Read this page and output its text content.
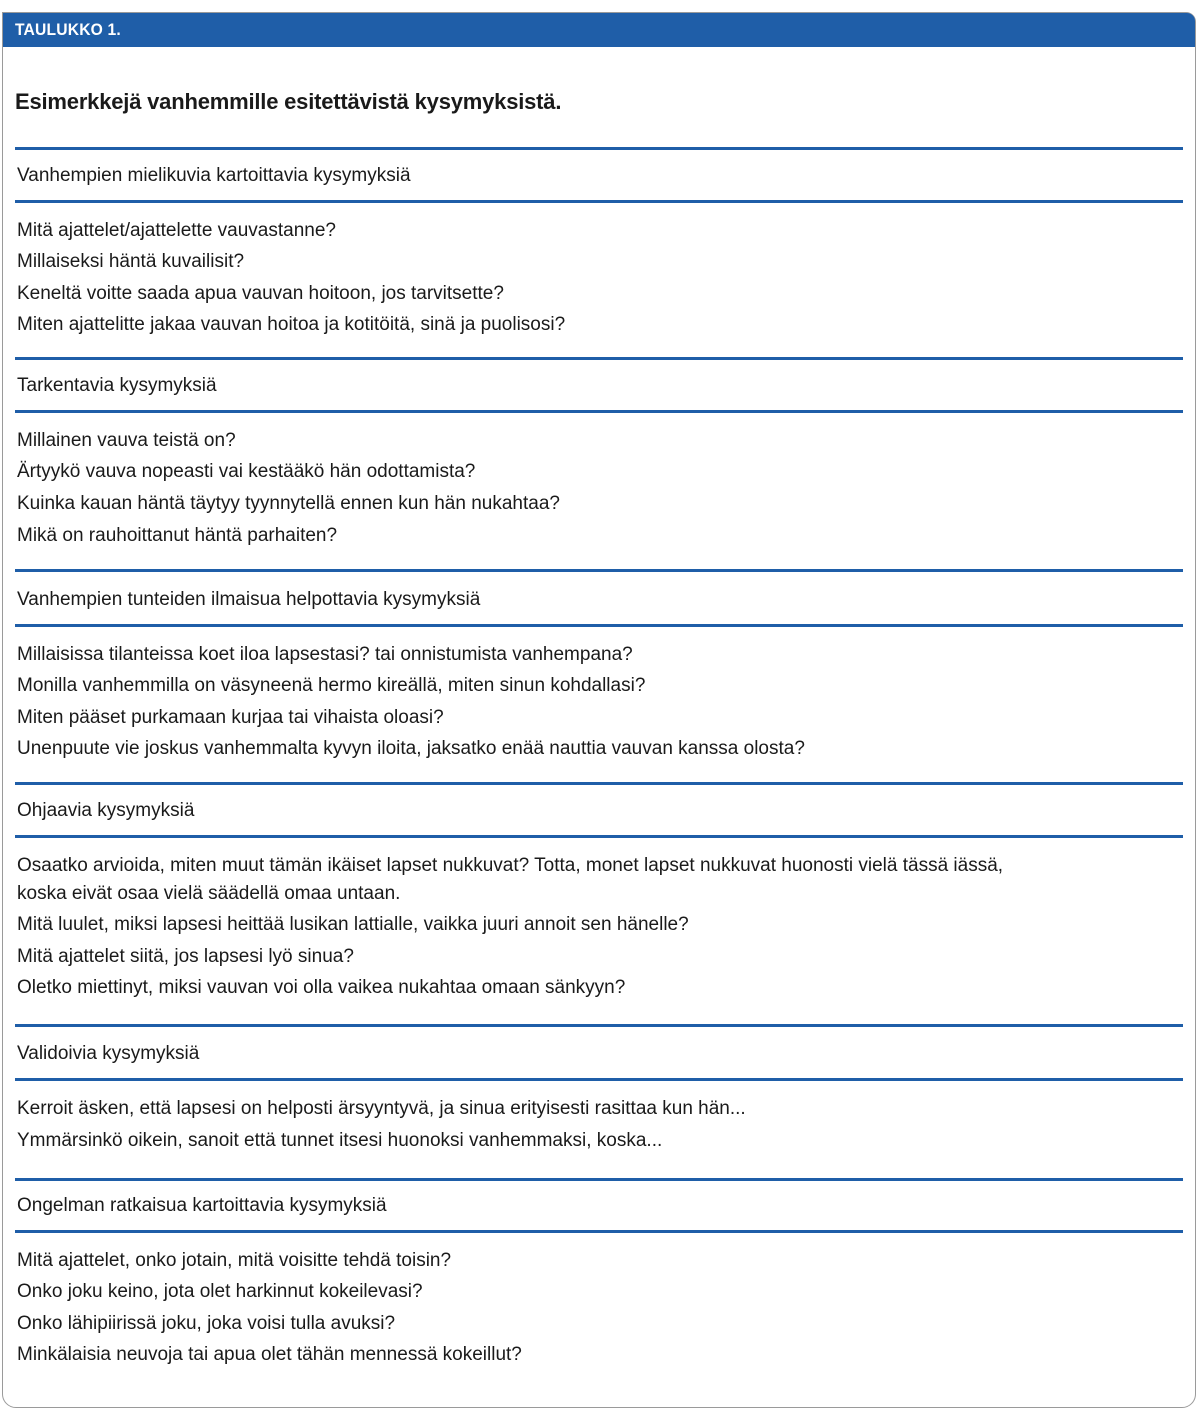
TAULUKKO 1.
Esimerkkejä vanhemmille esitettävistä kysymyksistä.
Vanhempien mielikuvia kartoittavia kysymyksiä
Mitä ajattelet/ajattelette vauvastanne?
Millaiseksi häntä kuvailisit?
Keneltä voitte saada apua vauvan hoitoon, jos tarvitsette?
Miten ajattelitte jakaa vauvan hoitoa ja kotitöitä, sinä ja puolisosi?
Tarkentavia kysymyksiä
Millainen vauva teistä on?
Ärtyykö vauva nopeasti vai kestääkö hän odottamista?
Kuinka kauan häntä täytyy tyynnytellä ennen kun hän nukahtaa?
Mikä on rauhoittanut häntä parhaiten?
Vanhempien tunteiden ilmaisua helpottavia kysymyksiä
Millaisissa tilanteissa koet iloa lapsestasi? tai onnistumista vanhempana?
Monilla vanhemmilla on väsyneenä hermo kireällä, miten sinun kohdallasi?
Miten pääset purkamaan kurjaa tai vihaista oloasi?
Unenpuute vie joskus vanhemmalta kyvyn iloita, jaksatko enää nauttia vauvan kanssa olosta?
Ohjaavia kysymyksiä
Osaatko arvioida, miten muut tämän ikäiset lapset nukkuvat? Totta, monet lapset nukkuvat huonosti vielä tässä iässä,
koska eivät osaa vielä säädellä omaa untaan.
Mitä luulet, miksi lapsesi heittää lusikan lattialle, vaikka juuri annoit sen hänelle?
Mitä ajattelet siitä, jos lapsesi lyö sinua?
Oletko miettinyt, miksi vauvan voi olla vaikea nukahtaa omaan sänkyyn?
Validoivia kysymyksiä
Kerroit äsken, että lapsesi on helposti ärsyyntyvä, ja sinua erityisesti rasittaa kun hän...
Ymmärsinkö oikein, sanoit että tunnet itsesi huonoksi vanhemmaksi, koska...
Ongelman ratkaisua kartoittavia kysymyksiä
Mitä ajattelet, onko jotain, mitä voisitte tehdä toisin?
Onko joku keino, jota olet harkinnut kokeilevasi?
Onko lähipiirissä joku, joka voisi tulla avuksi?
Minkälaisia neuvoja tai apua olet tähän mennessä kokeillut?
